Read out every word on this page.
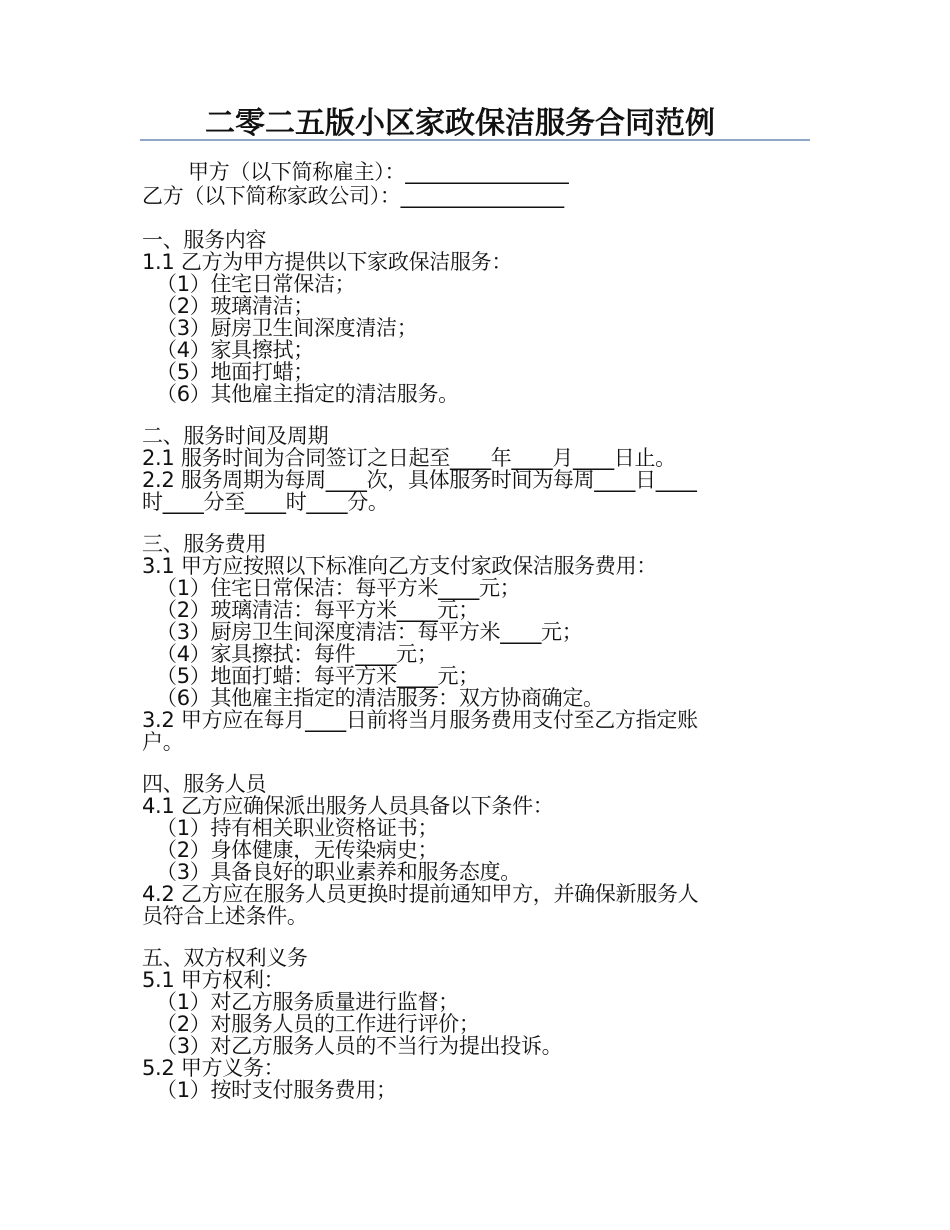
二零二五版小区家政保洁服务合同范例
甲方（以下简称雇主）：________________
乙方（以下简称家政公司）：________________
一、服务内容
1.1 乙方为甲方提供以下家政保洁服务：
（1）住宅日常保洁；
（2）玻璃清洁；
（3）厨房卫生间深度清洁；
（4）家具擦拭；
（5）地面打蜡；
（6）其他雇主指定的清洁服务。
二、服务时间及周期
2.1 服务时间为合同签订之日起至____年____月____日止。
2.2 服务周期为每周____次，具体服务时间为每周____日____
时____分至____时____分。
三、服务费用
3.1 甲方应按照以下标准向乙方支付家政保洁服务费用：
（1）住宅日常保洁：每平方米____元；
（2）玻璃清洁：每平方米____元；
（3）厨房卫生间深度清洁：每平方米____元；
（4）家具擦拭：每件____元；
（5）地面打蜡：每平方米____元；
（6）其他雇主指定的清洁服务：双方协商确定。
3.2 甲方应在每月____日前将当月服务费用支付至乙方指定账
户。
四、服务人员
4.1 乙方应确保派出服务人员具备以下条件：
（1）持有相关职业资格证书；
（2）身体健康，无传染病史；
（3）具备良好的职业素养和服务态度。
4.2 乙方应在服务人员更换时提前通知甲方，并确保新服务人
员符合上述条件。
五、双方权利义务
5.1 甲方权利：
（1）对乙方服务质量进行监督；
（2）对服务人员的工作进行评价；
（3）对乙方服务人员的不当行为提出投诉。
5.2 甲方义务：
（1）按时支付服务费用；
